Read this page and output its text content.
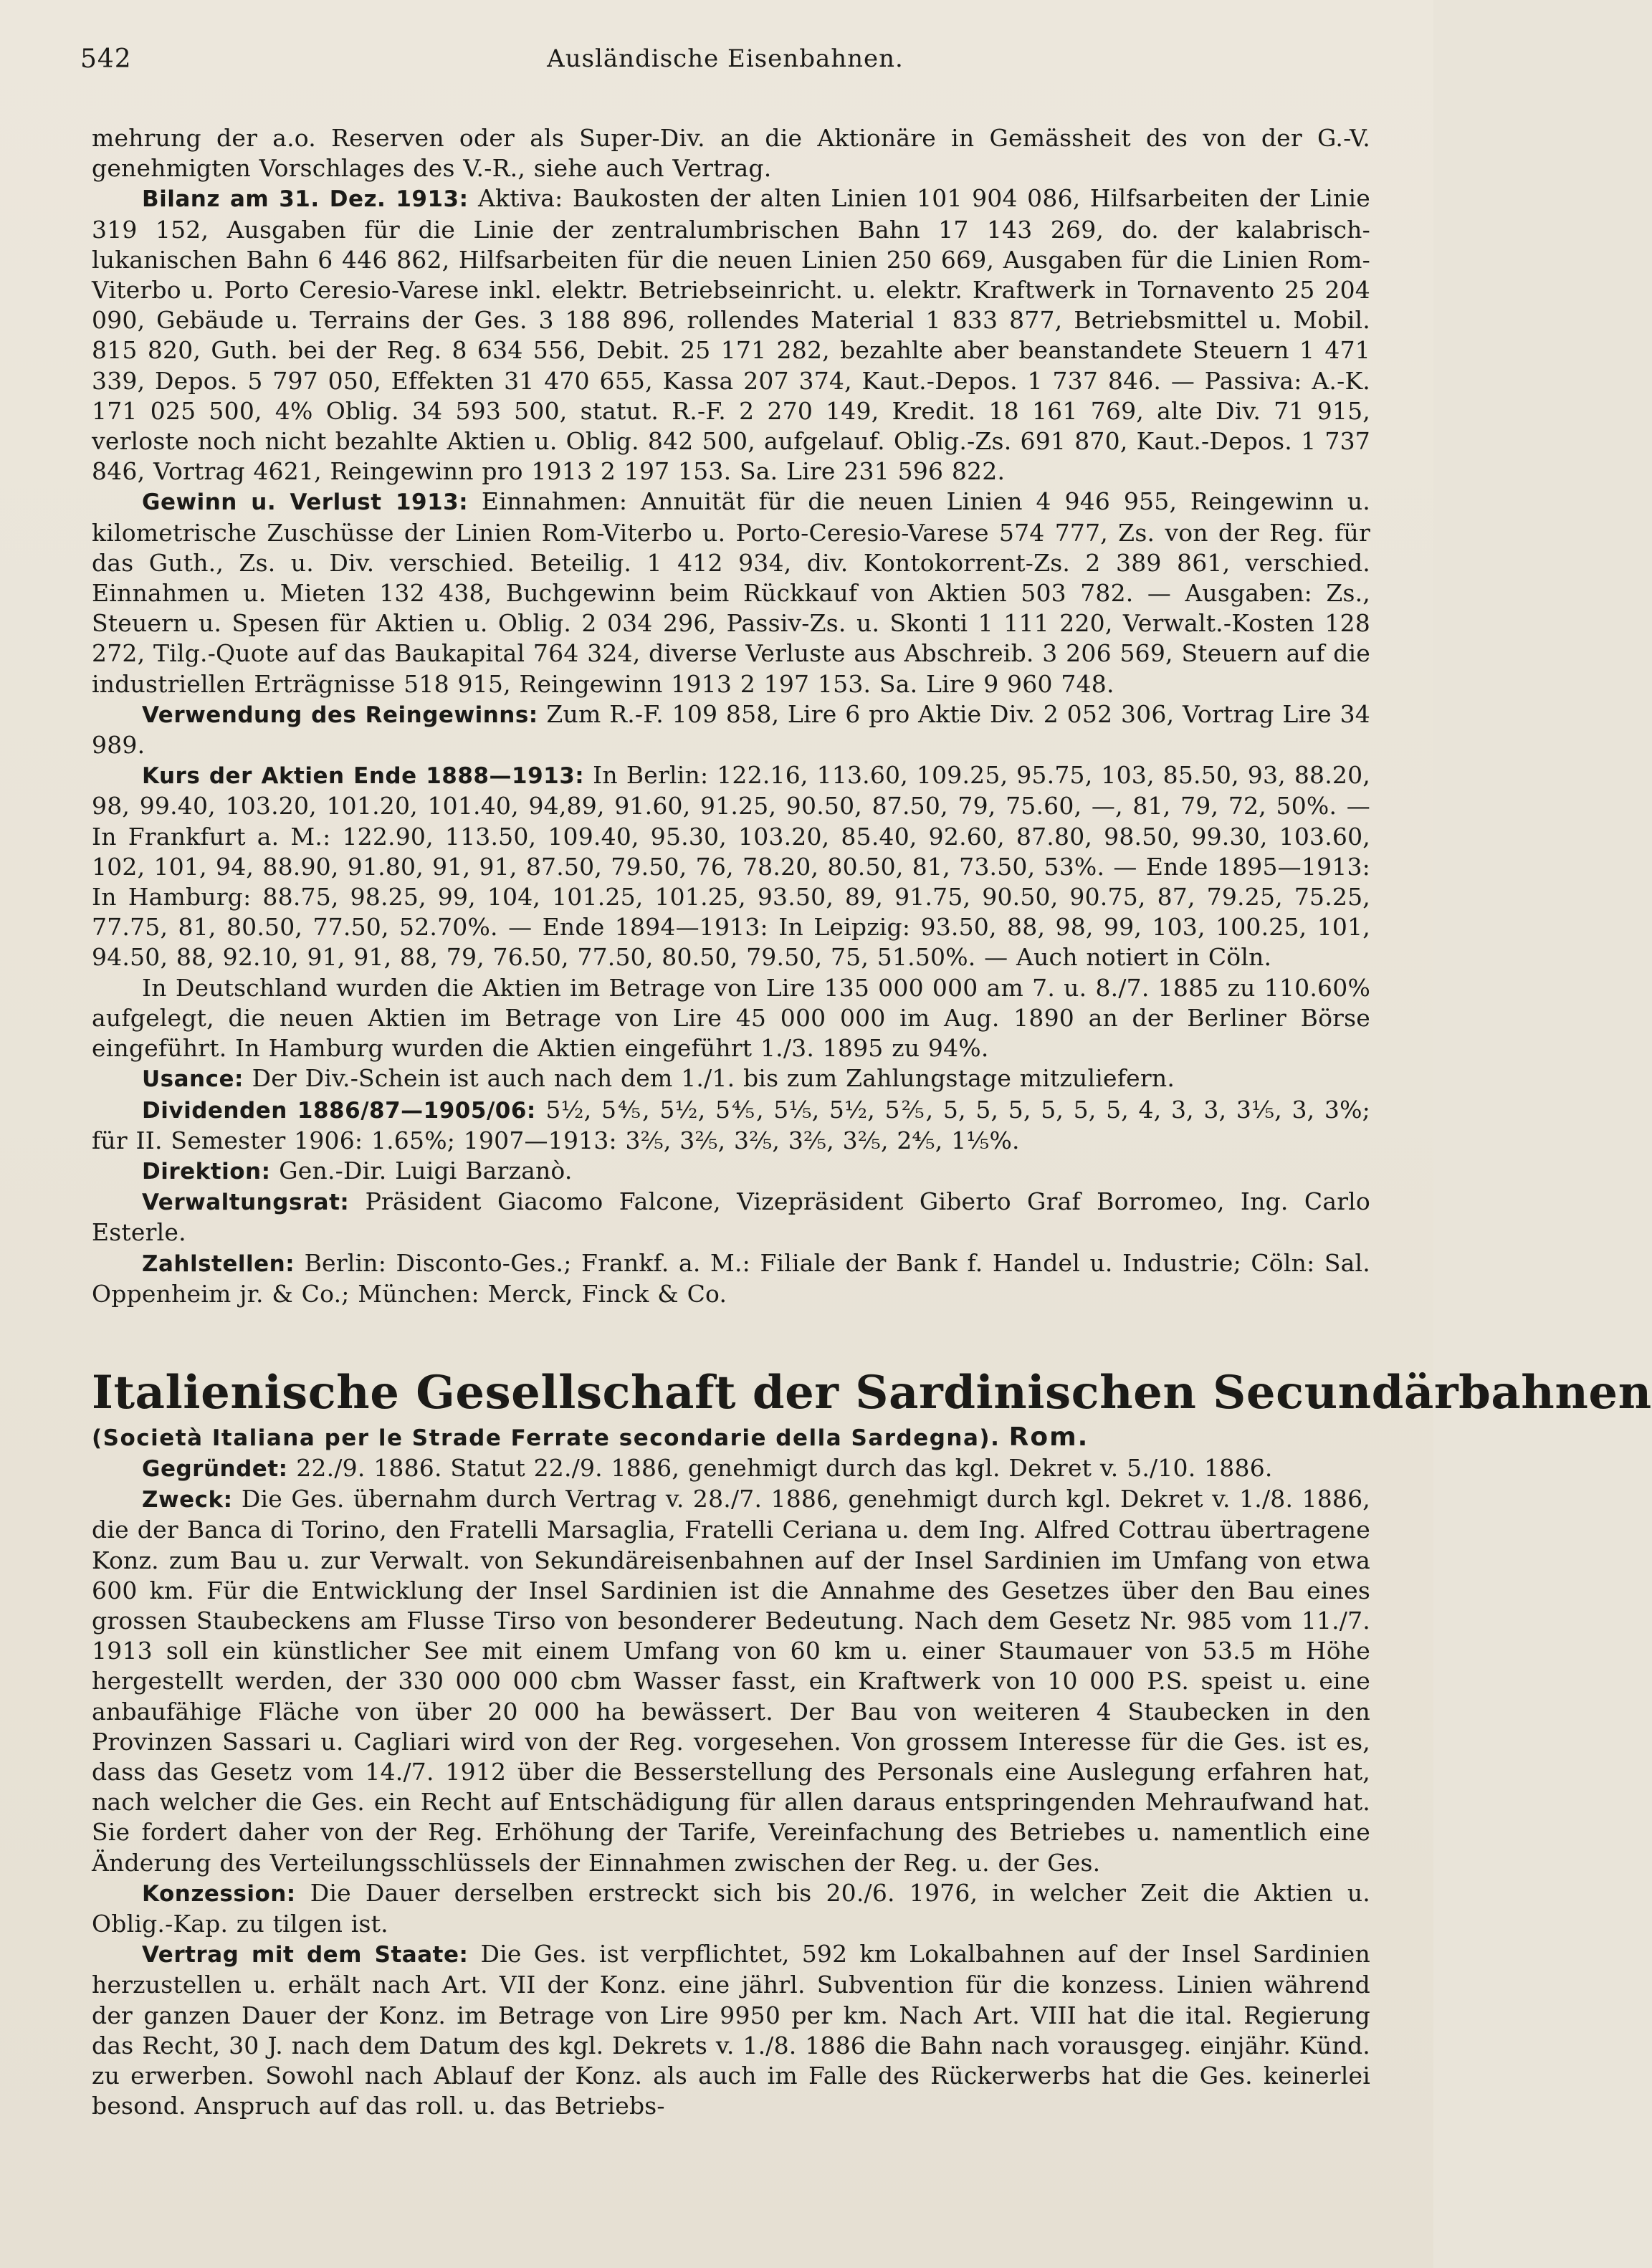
542	Ausländische Eisenbahnen.

mehrung der a.o. Reserven oder als Super-Div. an die Aktionäre in Gemässheit des von der G.-V. genehmigten Vorschlages des V.-R., siehe auch Vertrag.

Bilanz am 31. Dez. 1913: Aktiva: Baukosten der alten Linien 101 904 086, Hilfsarbeiten der Linie 319 152, Ausgaben für die Linie der zentralumbrischen Bahn 17 143 269, do. der kalabrisch-lukanischen Bahn 6 446 862, Hilfsarbeiten für die neuen Linien 250 669, Ausgaben für die Linien Rom-Viterbo u. Porto Ceresio-Varese inkl. elektr. Betriebseinricht. u. elektr. Kraftwerk in Tornavento 25 204 090, Gebäude u. Terrains der Ges. 3 188 896, rollendes Material 1 833 877, Betriebsmittel u. Mobil. 815 820, Guth. bei der Reg. 8 634 556, Debit. 25 171 282, bezahlte aber beanstandete Steuern 1 471 339, Depos. 5 797 050, Effekten 31 470 655, Kassa 207 374, Kaut.-Depos. 1 737 846. — Passiva: A.-K. 171 025 500, 4% Oblig. 34 593 500, statut. R.-F. 2 270 149, Kredit. 18 161 769, alte Div. 71 915, verloste noch nicht bezahlte Aktien u. Oblig. 842 500, aufgelauf. Oblig.-Zs. 691 870, Kaut.-Depos. 1 737 846, Vortrag 4621, Reingewinn pro 1913 2 197 153. Sa. Lire 231 596 822.

Gewinn u. Verlust 1913: Einnahmen: Annuität für die neuen Linien 4 946 955, Reingewinn u. kilometrische Zuschüsse der Linien Rom-Viterbo u. Porto-Ceresio-Varese 574 777, Zs. von der Reg. für das Guth., Zs. u. Div. verschied. Beteilig. 1 412 934, div. Kontokorrent-Zs. 2 389 861, verschied. Einnahmen u. Mieten 132 438, Buchgewinn beim Rückkauf von Aktien 503 782. — Ausgaben: Zs., Steuern u. Spesen für Aktien u. Oblig. 2 034 296, Passiv-Zs. u. Skonti 1 111 220, Verwalt.-Kosten 128 272, Tilg.-Quote auf das Baukapital 764 324, diverse Verluste aus Abschreib. 3 206 569, Steuern auf die industriellen Erträgnisse 518 915, Reingewinn 1913 2 197 153. Sa. Lire 9 960 748.

Verwendung des Reingewinns: Zum R.-F. 109 858, Lire 6 pro Aktie Div. 2 052 306, Vortrag Lire 34 989.

Kurs der Aktien Ende 1888—1913: In Berlin: 122.16, 113.60, 109.25, 95.75, 103, 85.50, 93, 88.20, 98, 99.40, 103.20, 101.20, 101.40, 94,89, 91.60, 91.25, 90.50, 87.50, 79, 75.60, —, 81, 79, 72, 50%. — In Frankfurt a. M.: 122.90, 113.50, 109.40, 95.30, 103.20, 85.40, 92.60, 87.80, 98.50, 99.30, 103.60, 102, 101, 94, 88.90, 91.80, 91, 91, 87.50, 79.50, 76, 78.20, 80.50, 81, 73.50, 53%. — Ende 1895—1913: In Hamburg: 88.75, 98.25, 99, 104, 101.25, 101.25, 93.50, 89, 91.75, 90.50, 90.75, 87, 79.25, 75.25, 77.75, 81, 80.50, 77.50, 52.70%. — Ende 1894—1913: In Leipzig: 93.50, 88, 98, 99, 103, 100.25, 101, 94.50, 88, 92.10, 91, 91, 88, 79, 76.50, 77.50, 80.50, 79.50, 75, 51.50%. — Auch notiert in Cöln.

In Deutschland wurden die Aktien im Betrage von Lire 135 000 000 am 7. u. 8./7. 1885 zu 110.60% aufgelegt, die neuen Aktien im Betrage von Lire 45 000 000 im Aug. 1890 an der Berliner Börse eingeführt. In Hamburg wurden die Aktien eingeführt 1./3. 1895 zu 94%.

Usance: Der Div.-Schein ist auch nach dem 1./1. bis zum Zahlungstage mitzuliefern.

Dividenden 1886/87—1905/06: 5½, 5⅘, 5½, 5⅘, 5⅕, 5½, 5⅖, 5, 5, 5, 5, 5, 5, 4, 3, 3, 3⅕, 3, 3%; für II. Semester 1906: 1.65%; 1907—1913: 3⅖, 3⅖, 3⅖, 3⅖, 3⅖, 2⅘, 1⅕%.

Direktion: Gen.-Dir. Luigi Barzanò.

Verwaltungsrat: Präsident Giacomo Falcone, Vizepräsident Giberto Graf Borromeo, Ing. Carlo Esterle.

Zahlstellen: Berlin: Disconto-Ges.; Frankf. a. M.: Filiale der Bank f. Handel u. Industrie; Cöln: Sal. Oppenheim jr. & Co.; München: Merck, Finck & Co.

Italienische Gesellschaft der Sardinischen Secundärbahnen

(Società Italiana per le Strade Ferrate secondarie della Sardegna). Rom.

Gegründet: 22./9. 1886. Statut 22./9. 1886, genehmigt durch das kgl. Dekret v. 5./10. 1886.

Zweck: Die Ges. übernahm durch Vertrag v. 28./7. 1886, genehmigt durch kgl. Dekret v. 1./8. 1886, die der Banca di Torino, den Fratelli Marsaglia, Fratelli Ceriana u. dem Ing. Alfred Cottrau übertragene Konz. zum Bau u. zur Verwalt. von Sekundäreisenbahnen auf der Insel Sardinien im Umfang von etwa 600 km. Für die Entwicklung der Insel Sardinien ist die Annahme des Gesetzes über den Bau eines grossen Staubeckens am Flusse Tirso von besonderer Bedeutung. Nach dem Gesetz Nr. 985 vom 11./7. 1913 soll ein künstlicher See mit einem Umfang von 60 km u. einer Staumauer von 53.5 m Höhe hergestellt werden, der 330 000 000 cbm Wasser fasst, ein Kraftwerk von 10 000 P.S. speist u. eine anbaufähige Fläche von über 20 000 ha bewässert. Der Bau von weiteren 4 Staubecken in den Provinzen Sassari u. Cagliari wird von der Reg. vorgesehen. Von grossem Interesse für die Ges. ist es, dass das Gesetz vom 14./7. 1912 über die Besserstellung des Personals eine Auslegung erfahren hat, nach welcher die Ges. ein Recht auf Entschädigung für allen daraus entspringenden Mehraufwand hat. Sie fordert daher von der Reg. Erhöhung der Tarife, Vereinfachung des Betriebes u. namentlich eine Änderung des Verteilungsschlüssels der Einnahmen zwischen der Reg. u. der Ges.

Konzession: Die Dauer derselben erstreckt sich bis 20./6. 1976, in welcher Zeit die Aktien u. Oblig.-Kap. zu tilgen ist.

Vertrag mit dem Staate: Die Ges. ist verpflichtet, 592 km Lokalbahnen auf der Insel Sardinien herzustellen u. erhält nach Art. VII der Konz. eine jährl. Subvention für die konzess. Linien während der ganzen Dauer der Konz. im Betrage von Lire 9950 per km. Nach Art. VIII hat die ital. Regierung das Recht, 30 J. nach dem Datum des kgl. Dekrets v. 1./8. 1886 die Bahn nach vorausgeg. einjähr. Künd. zu erwerben. Sowohl nach Ablauf der Konz. als auch im Falle des Rückerwerbs hat die Ges. keinerlei besond. Anspruch auf das roll. u. das Betriebs-
